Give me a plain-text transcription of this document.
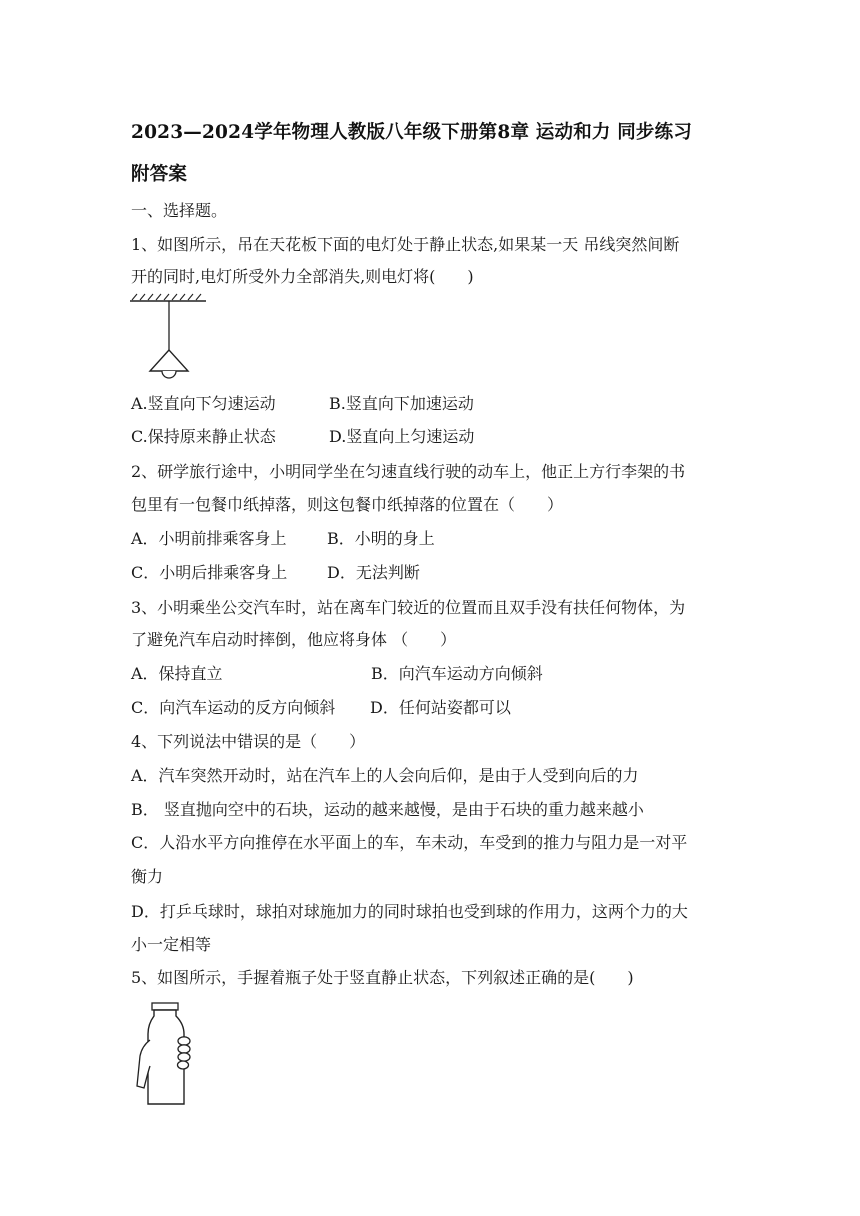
2023—2024学年物理人教版八年级下册第8章 运动和力 同步练习
附答案
一、选择题。
1、如图所示，吊在天花板下面的电灯处于静止状态,如果某一天 吊线突然间断
开的同时,电灯所受外力全部消失,则电灯将(　　)
A.竖直向下匀速运动	B.竖直向下加速运动
C.保持原来静止状态	D.竖直向上匀速运动
2、研学旅行途中，小明同学坐在匀速直线行驶的动车上，他正上方行李架的书
包里有一包餐巾纸掉落，则这包餐巾纸掉落的位置在（　　）
A．小明前排乘客身上	B．小明的身上
C．小明后排乘客身上 D．无法判断
3、小明乘坐公交汽车时，站在离车门较近的位置而且双手没有扶任何物体，为
了避免汽车启动时摔倒，他应将身体 （　　）
A．保持直立	B．向汽车运动方向倾斜
C．向汽车运动的反方向倾斜 D．任何站姿都可以
4、下列说法中错误的是（　　）
A．汽车突然开动时，站在汽车上的人会向后仰，是由于人受到向后的力
B． 竖直抛向空中的石块，运动的越来越慢，是由于石块的重力越来越小
C．人沿水平方向推停在水平面上的车，车未动，车受到的推力与阻力是一对平
衡力
D．打乒乓球时，球拍对球施加力的同时球拍也受到球的作用力，这两个力的大
小一定相等
5、如图所示，手握着瓶子处于竖直静止状态，下列叙述正确的是(　　)
